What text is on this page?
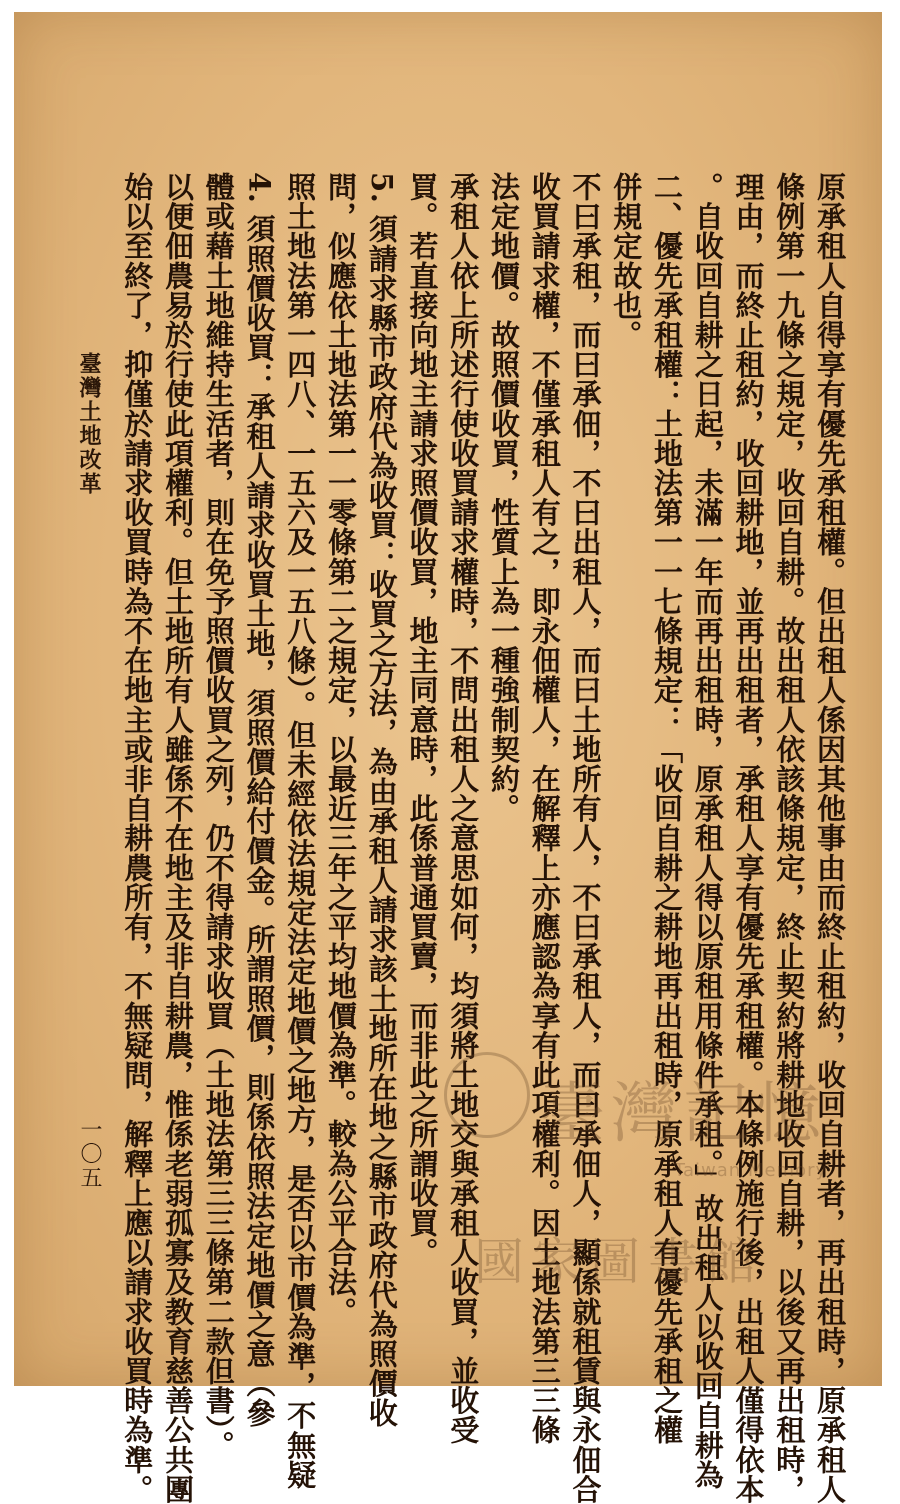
原承租人自得享有優先承租權。但出租人係因其他事由而終止租約，收回自耕者，再出租時，原承租人
條例第一九條之規定，收回自耕。故出租人依該條規定，終止契約將耕地收回自耕，以後又再出租時，
理由，而終止租約，收回耕地，並再出租者，承租人享有優先承租權。本條例施行後，出租人僅得依本
。自收回自耕之日起，未滿一年而再出租時，原承租人得以原租用條件承租。」故出租人以收回自耕為
二、優先承租權：土地法第一一七條規定：「收回自耕之耕地再出租時，原承租人有優先承租之權
併規定故也。
不曰承租，而曰承佃，不曰出租人，而曰土地所有人，不曰承租人，而曰承佃人，顯係就租賃與永佃合
收買請求權，不僅承租人有之，即永佃權人，在解釋上亦應認為享有此項權利。因土地法第三三條
法定地價。故照價收買，性質上為一種強制契約。
承租人依上所述行使收買請求權時，不問出租人之意思如何，均須將土地交與承租人收買，並收受
買。若直接向地主請求照價收買，地主同意時，此係普通買賣，而非此之所謂收買。
5. 須請求縣市政府代為收買：收買之方法，為由承租人請求該土地所在地之縣市政府代為照價收
問，似應依土地法第一一零條第二之規定，以最近三年之平均地價為準。較為公平合法。
照土地法第一四八、一五六及一五八條）。但未經依法規定法定地價之地方，是否以市價為準，不無疑
4. 須照價收買：承租人請求收買土地，須照價給付價金。所謂照價，則係依照法定地價之意（參
體或藉土地維持生活者，則在免予照價收買之列，仍不得請求收買（土地法第三三條第二款但書）。
以便佃農易於行使此項權利。但土地所有人雖係不在地主及非自耕農，惟係老弱孤寡及教育慈善公共團
始以至終了，抑僅於請求收買時為不在地主或非自耕農所有，不無疑問，解釋上應以請求收買時為準。
臺灣土地改革
一〇五
臺灣記憶
Taiwan Memory
國家圖書館
